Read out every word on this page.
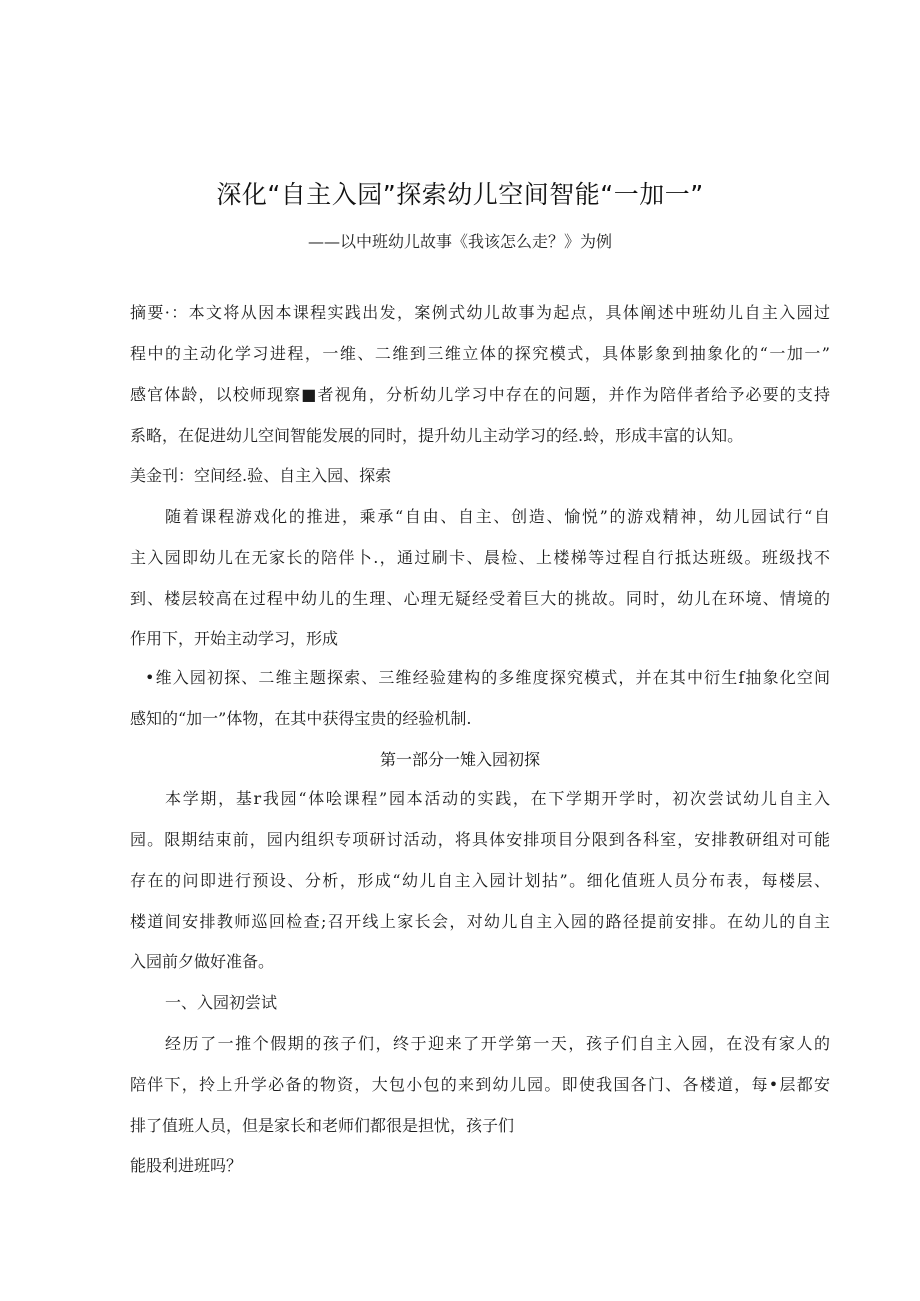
深化“自主入园”探索幼儿空间智能“一加一”
——以中班幼儿故事《我该怎么走？》为例
摘要·：本文将从因本课程实践出发，案例式幼儿故事为起点，具体阐述中班幼儿自主入园过
程中的主动化学习进程，一维、二维到三维立体的探究模式，具体影象到抽象化的“一加一”
感官体龄，以校师现察■者视角，分析幼儿学习中存在的问题，并作为陪伴者给予必要的支持
系略，在促进幼儿空间智能发展的同时，提升幼儿主动学习的经.蛉，形成丰富的认知。
美金刊：空间经.验、自主入园、探索
随着课程游戏化的推进，乘承“自由、自主、创造、愉悦”的游戏精神，幼儿园试行“自
主入园即幼儿在无家长的陪伴卜.，通过刷卡、晨检、上楼梯等过程自行抵达班级。班级找不
到、楼层较高在过程中幼儿的生理、心理无疑经受着巨大的挑故。同时，幼儿在环境、情境的
作用下，开始主动学习，形成
•维入园初探、二维主题探索、三维经验建构的多维度探究模式，并在其中衍生f抽象化空间
感知的“加一”体物，在其中获得宝贵的经验机制.
第一部分一雉入园初探
本学期，基r我园“体哙课程”园本活动的实践，在下学期开学时，初次尝试幼儿自主入
园。限期结束前，园内组织专项研讨活动，将具体安排项目分限到各科室，安排教研组对可能
存在的问即进行预设、分析，形成“幼儿自主入园计划拈”。细化值班人员分布表，每楼层、
楼道间安排教师巡回检查;召开线上家长会，对幼儿自主入园的路径提前安排。在幼儿的自主
入园前夕做好准备。
一、入园初尝试
经历了一推个假期的孩子们，终于迎来了开学第一天，孩子们自主入园，在没有家人的
陪伴下，拎上升学必备的物资，大包小包的来到幼儿园。即使我国各门、各楼道，每•层都安
排了值班人员，但是家长和老师们都很是担忧，孩子们
能股利进班吗？
